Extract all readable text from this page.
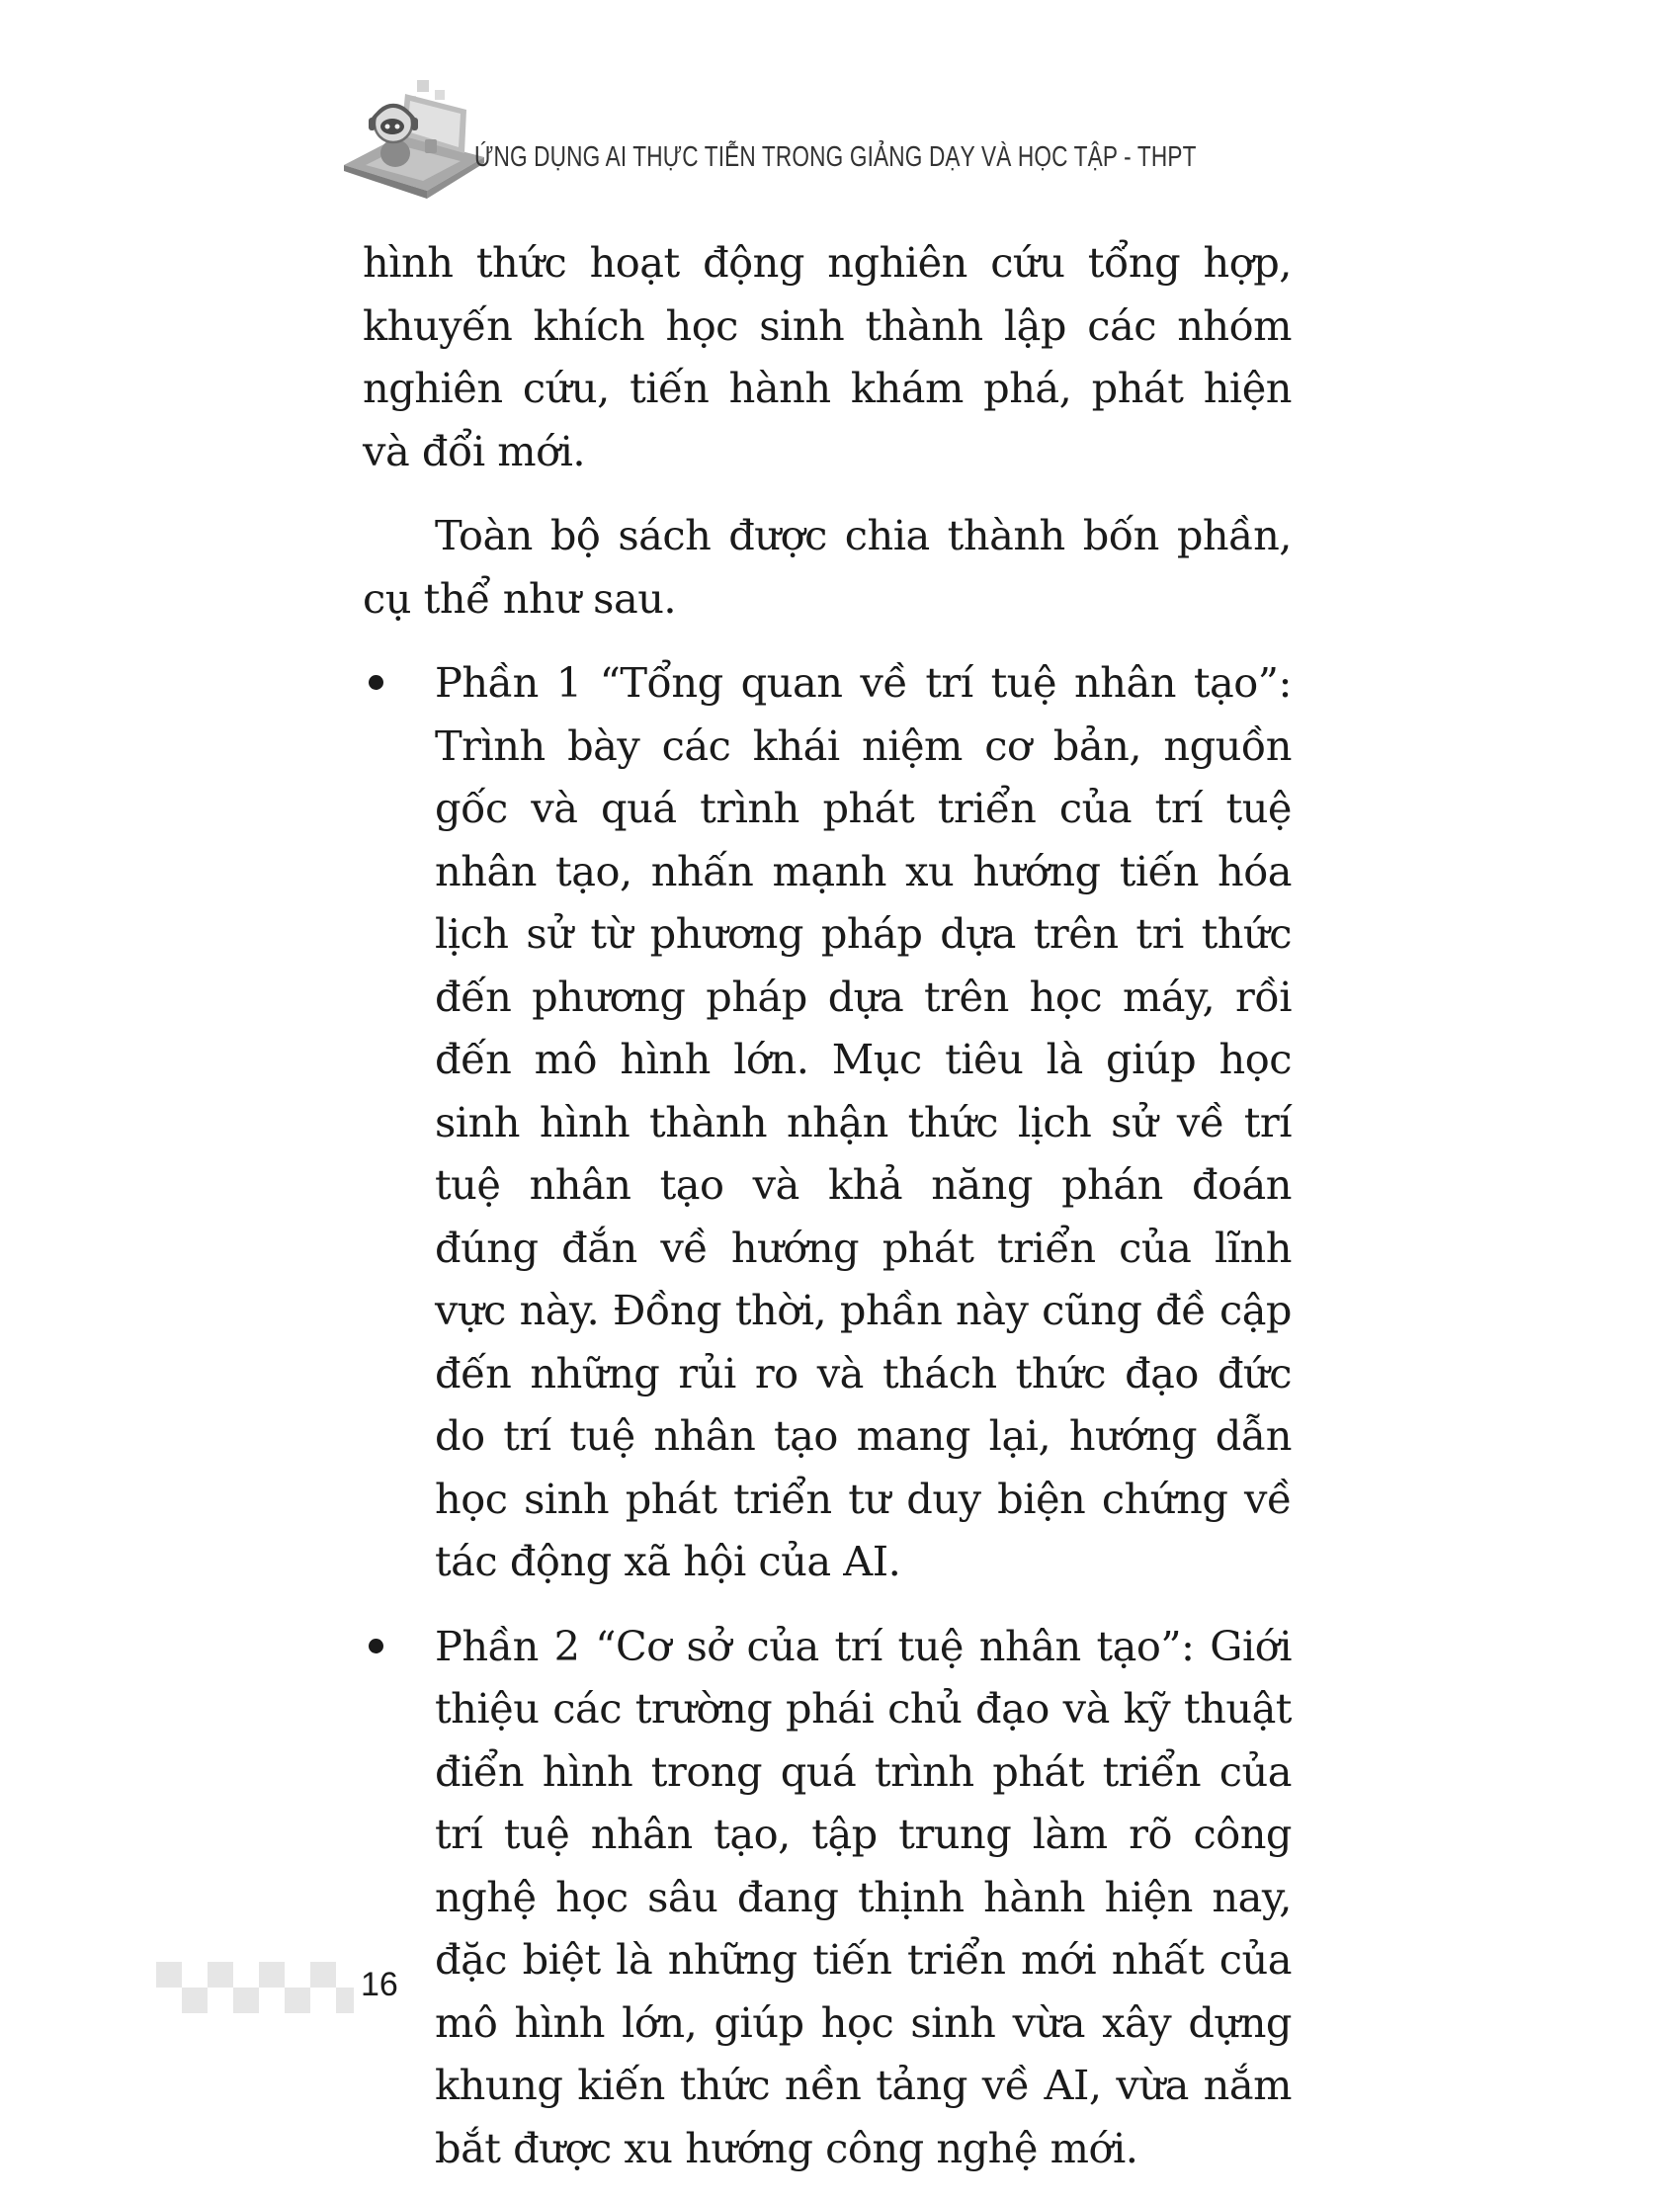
ỨNG DỤNG AI THỰC TIỄN TRONG GIẢNG DẠY VÀ HỌC TẬP - THPT

hình thức hoạt động nghiên cứu tổng hợp, khuyến khích học sinh thành lập các nhóm nghiên cứu, tiến hành khám phá, phát hiện và đổi mới.

Toàn bộ sách được chia thành bốn phần, cụ thể như sau.

Phần 1 “Tổng quan về trí tuệ nhân tạo”: Trình bày các khái niệm cơ bản, nguồn gốc và quá trình phát triển của trí tuệ nhân tạo, nhấn mạnh xu hướng tiến hóa lịch sử từ phương pháp dựa trên tri thức đến phương pháp dựa trên học máy, rồi đến mô hình lớn. Mục tiêu là giúp học sinh hình thành nhận thức lịch sử về trí tuệ nhân tạo và khả năng phán đoán đúng đắn về hướng phát triển của lĩnh vực này. Đồng thời, phần này cũng đề cập đến những rủi ro và thách thức đạo đức do trí tuệ nhân tạo mang lại, hướng dẫn học sinh phát triển tư duy biện chứng về tác động xã hội của AI.
Phần 2 “Cơ sở của trí tuệ nhân tạo”: Giới thiệu các trường phái chủ đạo và kỹ thuật điển hình trong quá trình phát triển của trí tuệ nhân tạo, tập trung làm rõ công nghệ học sâu đang thịnh hành hiện nay, đặc biệt là những tiến triển mới nhất của mô hình lớn, giúp học sinh vừa xây dựng khung kiến thức nền tảng về AI, vừa nắm bắt được xu hướng công nghệ mới.
16
